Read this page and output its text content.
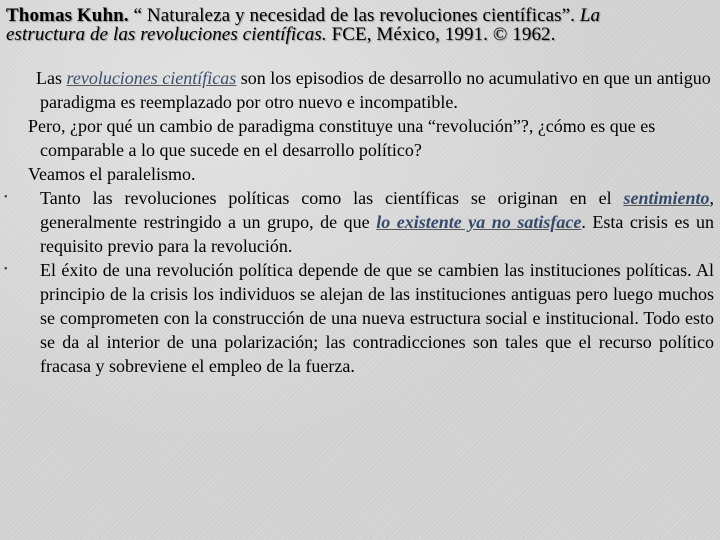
Thomas Kuhn. “ Naturaleza y necesidad de las revoluciones científicas”. La
estructura de las revoluciones científicas. FCE, México, 1991. © 1962.

Las revoluciones científicas son los episodios de desarrollo no acumulativo en que un antiguo paradigma es reemplazado por otro nuevo e incompatible.

Pero, ¿por qué un cambio de paradigma constituye una “revolución”?, ¿cómo es que es comparable a lo que sucede en el desarrollo político?

Veamos el paralelismo.

• Tanto las revoluciones políticas como las científicas se originan en el sentimiento, generalmente restringido a un grupo, de que lo existente ya no satisface. Esta crisis es un requisito previo para la revolución.

• El éxito de una revolución política depende de que se cambien las instituciones políticas. Al principio de la crisis los individuos se alejan de las instituciones antiguas pero luego muchos se comprometen con la construcción de una nueva estructura social e institucional. Todo esto se da al interior de una polarización; las contradicciones son tales que el recurso político fracasa y sobreviene el empleo de la fuerza.
